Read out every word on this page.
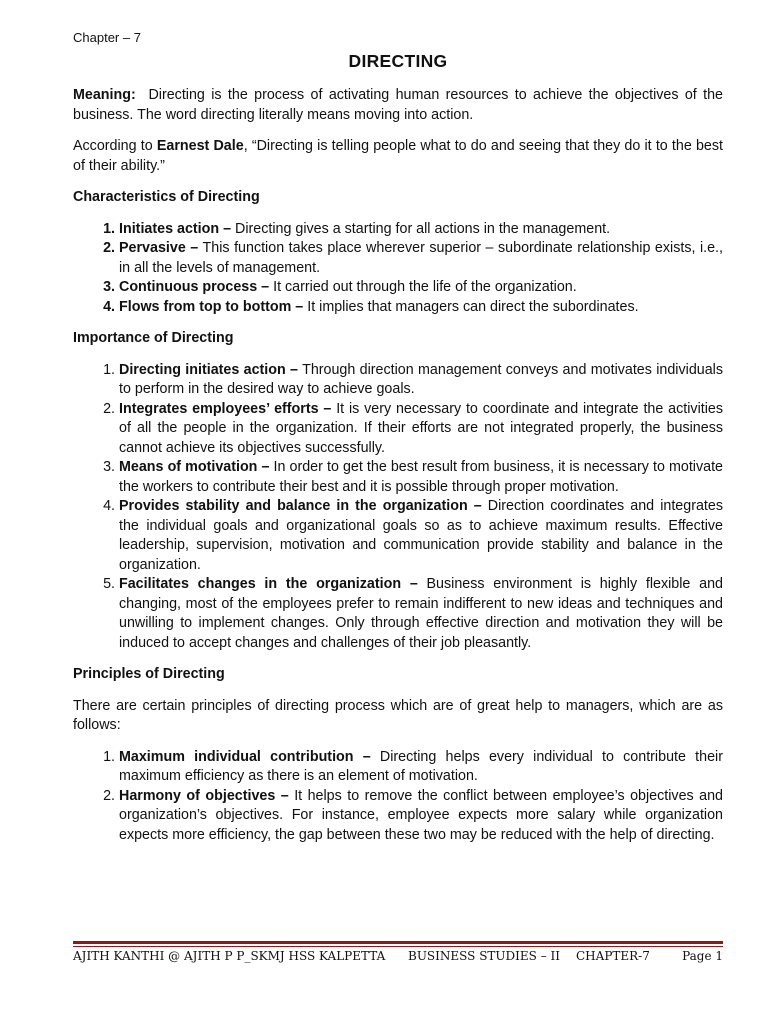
Chapter – 7
DIRECTING

Meaning: Directing is the process of activating human resources to achieve the objectives of the business. The word directing literally means moving into action.

According to Earnest Dale, “Directing is telling people what to do and seeing that they do it to the best of their ability.”

Characteristics of Directing
1. Initiates action – Directing gives a starting for all actions in the management.
2. Pervasive – This function takes place wherever superior – subordinate relationship exists, i.e., in all the levels of management.
3. Continuous process – It carried out through the life of the organization.
4. Flows from top to bottom – It implies that managers can direct the subordinates.
Importance of Directing
1. Directing initiates action – Through direction management conveys and motivates individuals to perform in the desired way to achieve goals.
2. Integrates employees’ efforts – It is very necessary to coordinate and integrate the activities of all the people in the organization. If their efforts are not integrated properly, the business cannot achieve its objectives successfully.
3. Means of motivation – In order to get the best result from business, it is necessary to motivate the workers to contribute their best and it is possible through proper motivation.
4. Provides stability and balance in the organization – Direction coordinates and integrates the individual goals and organizational goals so as to achieve maximum results. Effective leadership, supervision, motivation and communication provide stability and balance in the organization.
5. Facilitates changes in the organization – Business environment is highly flexible and changing, most of the employees prefer to remain indifferent to new ideas and techniques and unwilling to implement changes. Only through effective direction and motivation they will be induced to accept changes and challenges of their job pleasantly.
Principles of Directing

There are certain principles of directing process which are of great help to managers, which are as follows:

1. Maximum individual contribution – Directing helps every individual to contribute their maximum efficiency as there is an element of motivation.
2. Harmony of objectives – It helps to remove the conflict between employee’s objectives and organization’s objectives. For instance, employee expects more salary while organization expects more efficiency, the gap between these two may be reduced with the help of directing.
AJITH KANTHI @ AJITH P P_SKMJ HSS KALPETTA BUSINESS STUDIES – II CHAPTER-7	Page 1
